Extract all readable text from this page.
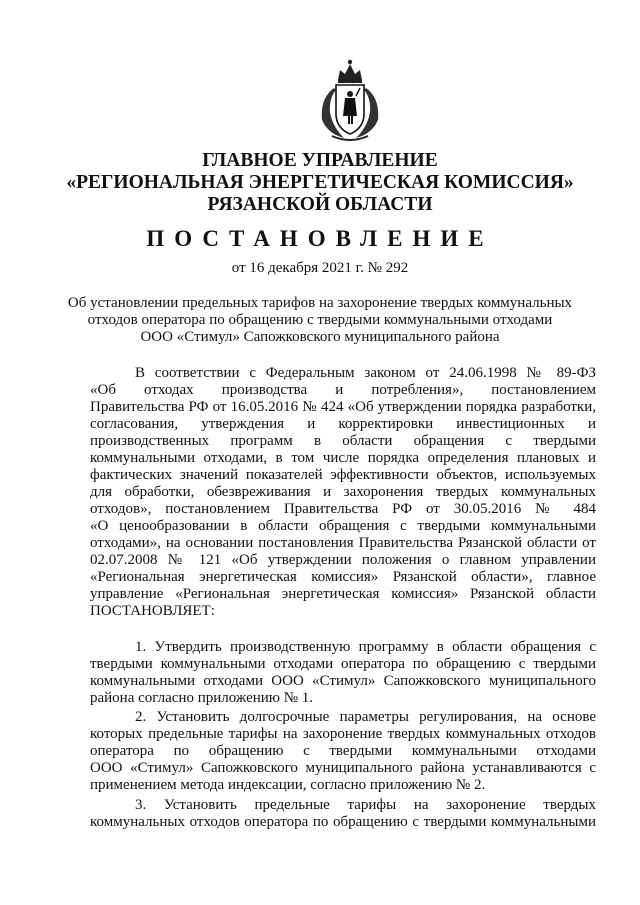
ГЛАВНОЕ УПРАВЛЕНИЕ
«РЕГИОНАЛЬНАЯ ЭНЕРГЕТИЧЕСКАЯ КОМИССИЯ»
РЯЗАНСКОЙ ОБЛАСТИ
ПОСТАНОВЛЕНИЕ
от 16 декабря 2021 г. № 292
Об установлении предельных тарифов на захоронение твердых коммунальных
отходов оператора по обращению с твердыми коммунальными отходами
ООО «Стимул» Сапожковского муниципального района
В соответствии с Федеральным законом от 24.06.1998 № 89-ФЗ
«Об отходах производства и потребления», постановлением
Правительства РФ от 16.05.2016 № 424 «Об утверждении порядка разработки,
согласования, утверждения и корректировки инвестиционных и
производственных программ в области обращения с твердыми
коммунальными отходами, в том числе порядка определения плановых и
фактических значений показателей эффективности объектов, используемых
для обработки, обезвреживания и захоронения твердых коммунальных
отходов», постановлением Правительства РФ от 30.05.2016 № 484
«О ценообразовании в области обращения с твердыми коммунальными
отходами», на основании постановления Правительства Рязанской области от
02.07.2008 № 121 «Об утверждении положения о главном управлении
«Региональная энергетическая комиссия» Рязанской области», главное
управление «Региональная энергетическая комиссия» Рязанской области
ПОСТАНОВЛЯЕТ:
1. Утвердить производственную программу в области обращения с
твердыми коммунальными отходами оператора по обращению с твердыми
коммунальными отходами ООО «Стимул» Сапожковского муниципального
района согласно приложению № 1.
2. Установить долгосрочные параметры регулирования, на основе
которых предельные тарифы на захоронение твердых коммунальных отходов
оператора по обращению с твердыми коммунальными отходами
ООО «Стимул» Сапожковского муниципального района устанавливаются с
применением метода индексации, согласно приложению № 2.
3. Установить предельные тарифы на захоронение твердых
коммунальных отходов оператора по обращению с твердыми коммунальными
